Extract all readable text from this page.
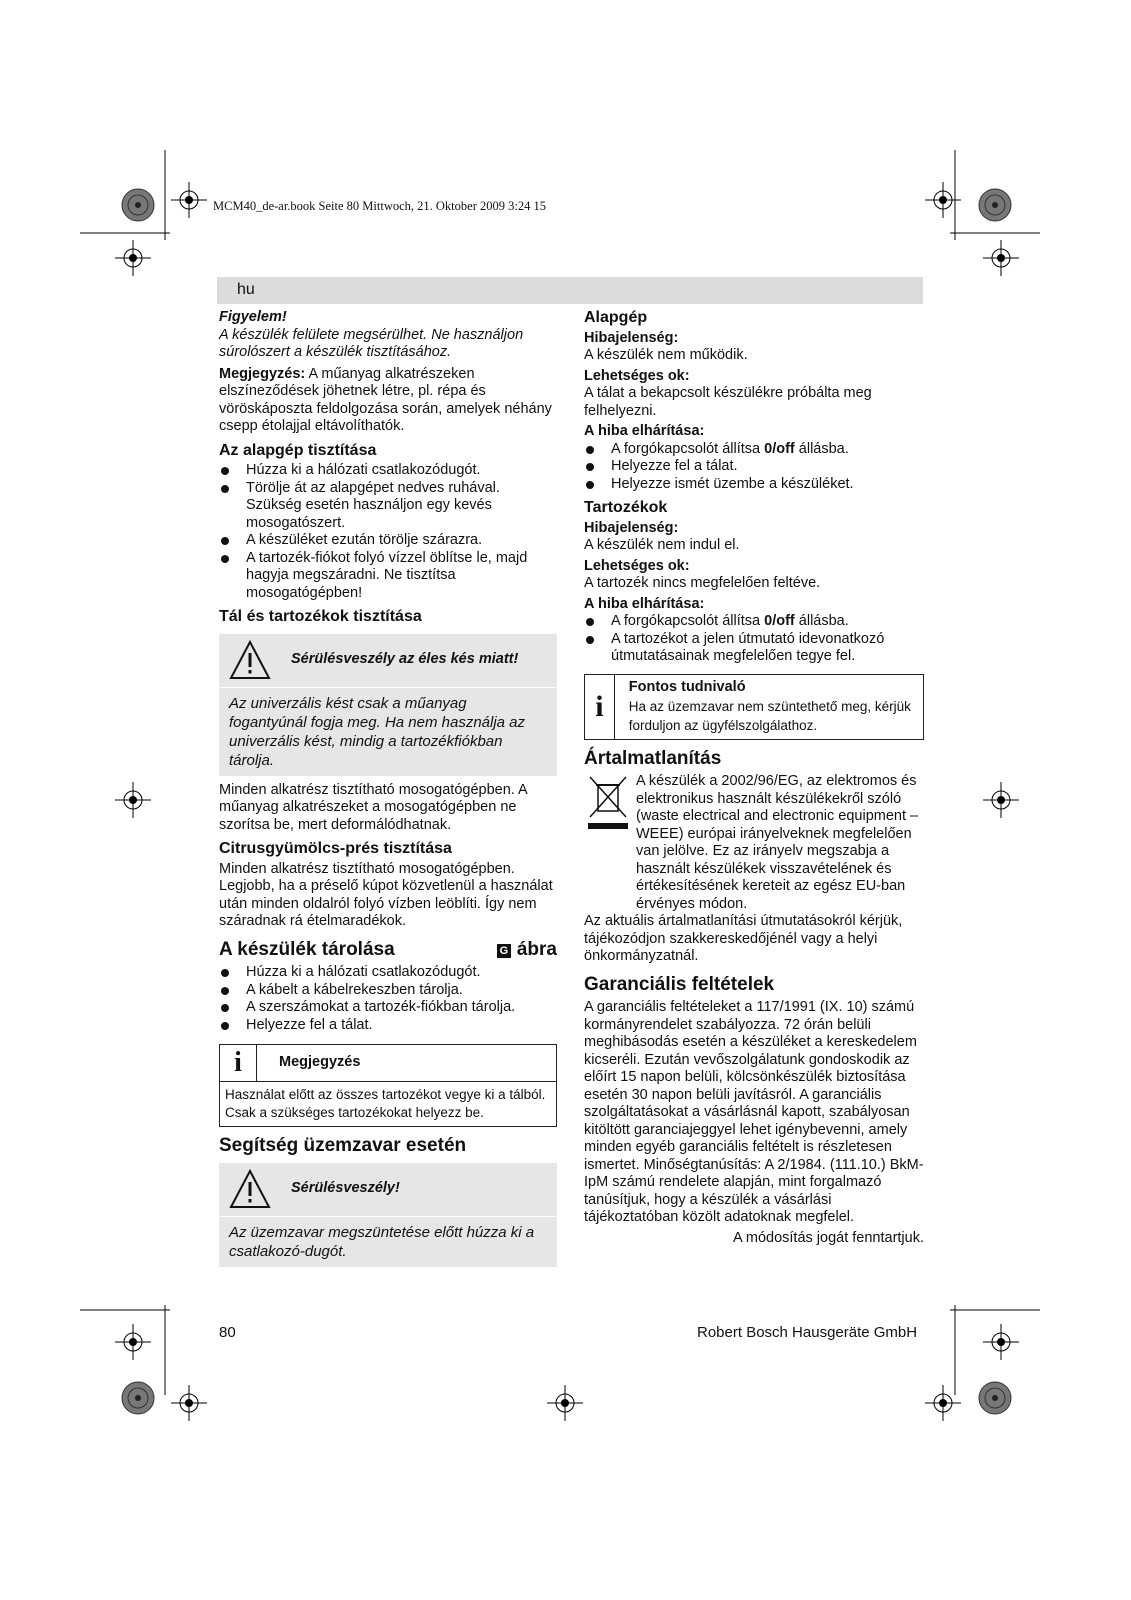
MCM40_de-ar.book Seite 80 Mittwoch, 21. Oktober 2009 3:24 15
hu

Figyelem!

A készülék felülete megsérülhet. Ne használjon súrolószert a készülék tisztításához.

Megjegyzés: A műanyag alkatrészeken elszíneződések jöhetnek létre, pl. répa és vöröskáposzta feldolgozása során, amelyek néhány csepp étolajjal eltávolíthatók.

Az alapgép tisztítása
Húzza ki a hálózati csatlakozódugót.
Törölje át az alapgépet nedves ruhával. Szükség esetén használjon egy kevés mosogatószert.
A készüléket ezután törölje szárazra.
A tartozék-fiókot folyó vízzel öblítse le, majd hagyja megszáradni. Ne tisztítsa mosogatógépben!
Tál és tartozékok tisztítása
Sérülésveszély az éles kés miatt!
Az univerzális kést csak a műanyag fogantyúnál fogja meg. Ha nem használja az univerzális kést, mindig a tartozékfiókban tárolja.

Minden alkatrész tisztítható mosogatógépben. A műanyag alkatrészeket a mosogatógépben ne szorítsa be, mert deformálódhatnak.

Citrusgyümölcs-prés tisztítása

Minden alkatrész tisztítható mosogatógépben. Legjobb, ha a préselő kúpot közvetlenül a használat után minden oldalról folyó vízben leöblíti. Így nem száradnak rá ételmaradékok.

A készülék tárolása	G ábra
Húzza ki a hálózati csatlakozódugót.
A kábelt a kábelrekeszben tárolja.
A szerszámokat a tartozék-fiókban tárolja.
Helyezze fel a tálat.
i	Megjegyzés
Használat előtt az összes tartozékot vegye ki a tálból. Csak a szükséges tartozékokat helyezz be.
Segítség üzemzavar esetén
Sérülésveszély!
Az üzemzavar megszüntetése előtt húzza ki a csatlakozó-dugót.
Alapgép
Hibajelenség:

A készülék nem működik.

Lehetséges ok:

A tálat a bekapcsolt készülékre próbálta meg felhelyezni.

A hiba elhárítása:
A forgókapcsolót állítsa 0/off állásba.
Helyezze fel a tálat.
Helyezze ismét üzembe a készüléket.
Tartozékok
Hibajelenség:

A készülék nem indul el.

Lehetséges ok:

A tartozék nincs megfelelően feltéve.

A hiba elhárítása:
A forgókapcsolót állítsa 0/off állásba.
A tartozékot a jelen útmutató idevonatkozó útmutatásainak megfelelően tegye fel.
i
Fontos tudnivaló
Ha az üzemzavar nem szüntethető meg, kérjük forduljon az ügyfélszolgálathoz.
Ártalmatlanítás

A készülék a 2002/96/EG, az elektromos és elektronikus használt készülékekről szóló (waste electrical and electronic equipment – WEEE) európai irányelveknek megfelelően van jelölve. Ez az irányelv megszabja a használt készülékek visszavételének és értékesítésének kereteit az egész EU-ban érvényes módon.

Az aktuális ártalmatlanítási útmutatásokról kérjük, tájékozódjon szakkereskedőjénél vagy a helyi önkormányzatnál.

Garanciális feltételek

A garanciális feltételeket a 117/1991 (IX. 10) számú kormányrendelet szabályozza. 72 órán belüli meghibásodás esetén a készüléket a kereskedelem kicseréli. Ezután vevőszolgálatunk gondoskodik az előírt 15 napon belüli, kölcsönkészülék biztosítása esetén 30 napon belüli javításról. A garanciális szolgáltatásokat a vásárlásnál kapott, szabályosan kitöltött garanciajeggyel lehet igénybevenni, amely minden egyéb garanciális feltételt is részletesen ismertet. Minőségtanúsítás: A 2/1984. (111.10.) BkM-IpM számú rendelete alapján, mint forgalmazó tanúsítjuk, hogy a készülék a vásárlási tájékoztatóban közölt adatoknak megfelel.

A módosítás jogát fenntartjuk.

80	Robert Bosch Hausgeräte GmbH
